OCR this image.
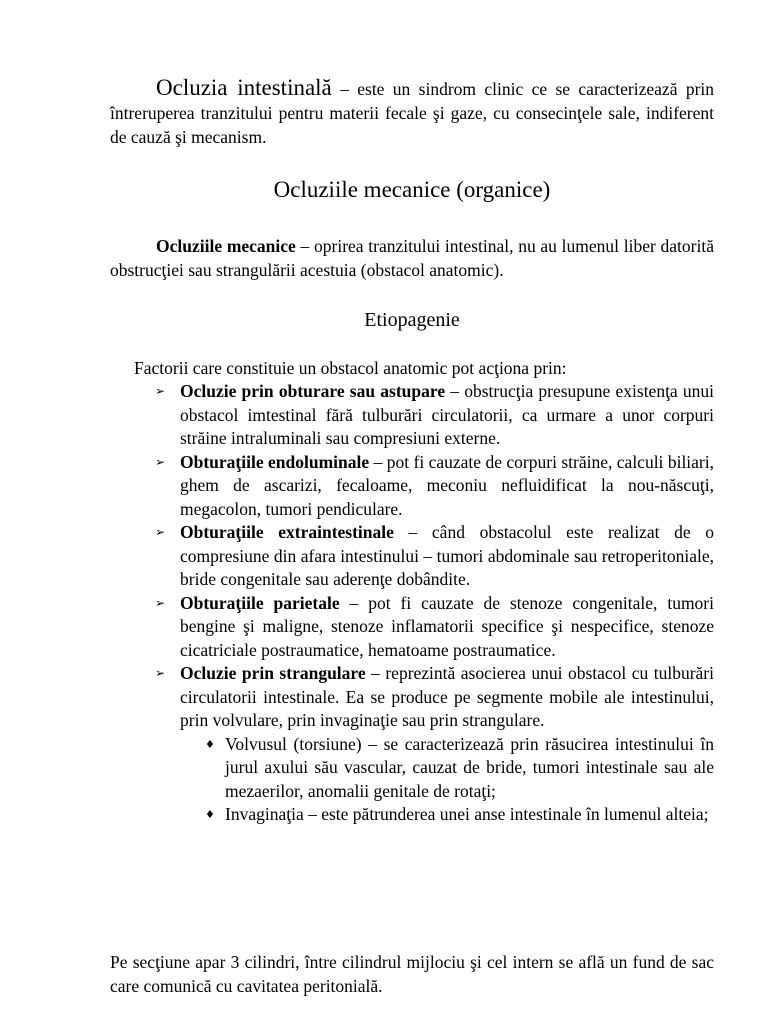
Ocluzia intestinală – este un sindrom clinic ce se caracterizează prin întreruperea tranzitului pentru materii fecale şi gaze, cu consecinţele sale, indiferent de cauză şi mecanism.

Ocluziile mecanice (organice)

Ocluziile mecanice – oprirea tranzitului intestinal, nu au lumenul liber datorită obstrucţiei sau strangulării acestuia (obstacol anatomic).

Etiopagenie

Factorii care constituie un obstacol anatomic pot acţiona prin:

➢ Ocluzie prin obturare sau astupare – obstrucţia presupune existenţa unui obstacol imtestinal fără tulburări circulatorii, ca urmare a unor corpuri străine intraluminali sau compresiuni externe.
➢ Obturaţiile endoluminale – pot fi cauzate de corpuri străine, calculi biliari, ghem de ascarizi, fecaloame, meconiu nefluidificat la nou-născuţi, megacolon, tumori pendiculare.
➢ Obturaţiile extraintestinale – când obstacolul este realizat de o compresiune din afara intestinului – tumori abdominale sau retroperitoniale, bride congenitale sau aderenţe dobândite.
➢ Obturaţiile parietale – pot fi cauzate de stenoze congenitale, tumori bengine şi maligne, stenoze inflamatorii specifice şi nespecifice, stenoze cicatriciale postraumatice, hematoame postraumatice.
➢ Ocluzie prin strangulare – reprezintă asocierea unui obstacol cu tulburări circulatorii intestinale. Ea se produce pe segmente mobile ale intestinului, prin volvulare, prin invaginaţie sau prin strangulare.
♦ Volvusul (torsiune) – se caracterizează prin răsucirea intestinului în jurul axului său vascular, cauzat de bride, tumori intestinale sau ale mezaerilor, anomalii genitale de rotaţi;
♦ Invaginaţia – este pătrunderea unei anse intestinale în lumenul alteia;

Pe secţiune apar 3 cilindri, între cilindrul mijlociu şi cel intern se află un fund de sac care comunică cu cavitatea peritonială.
